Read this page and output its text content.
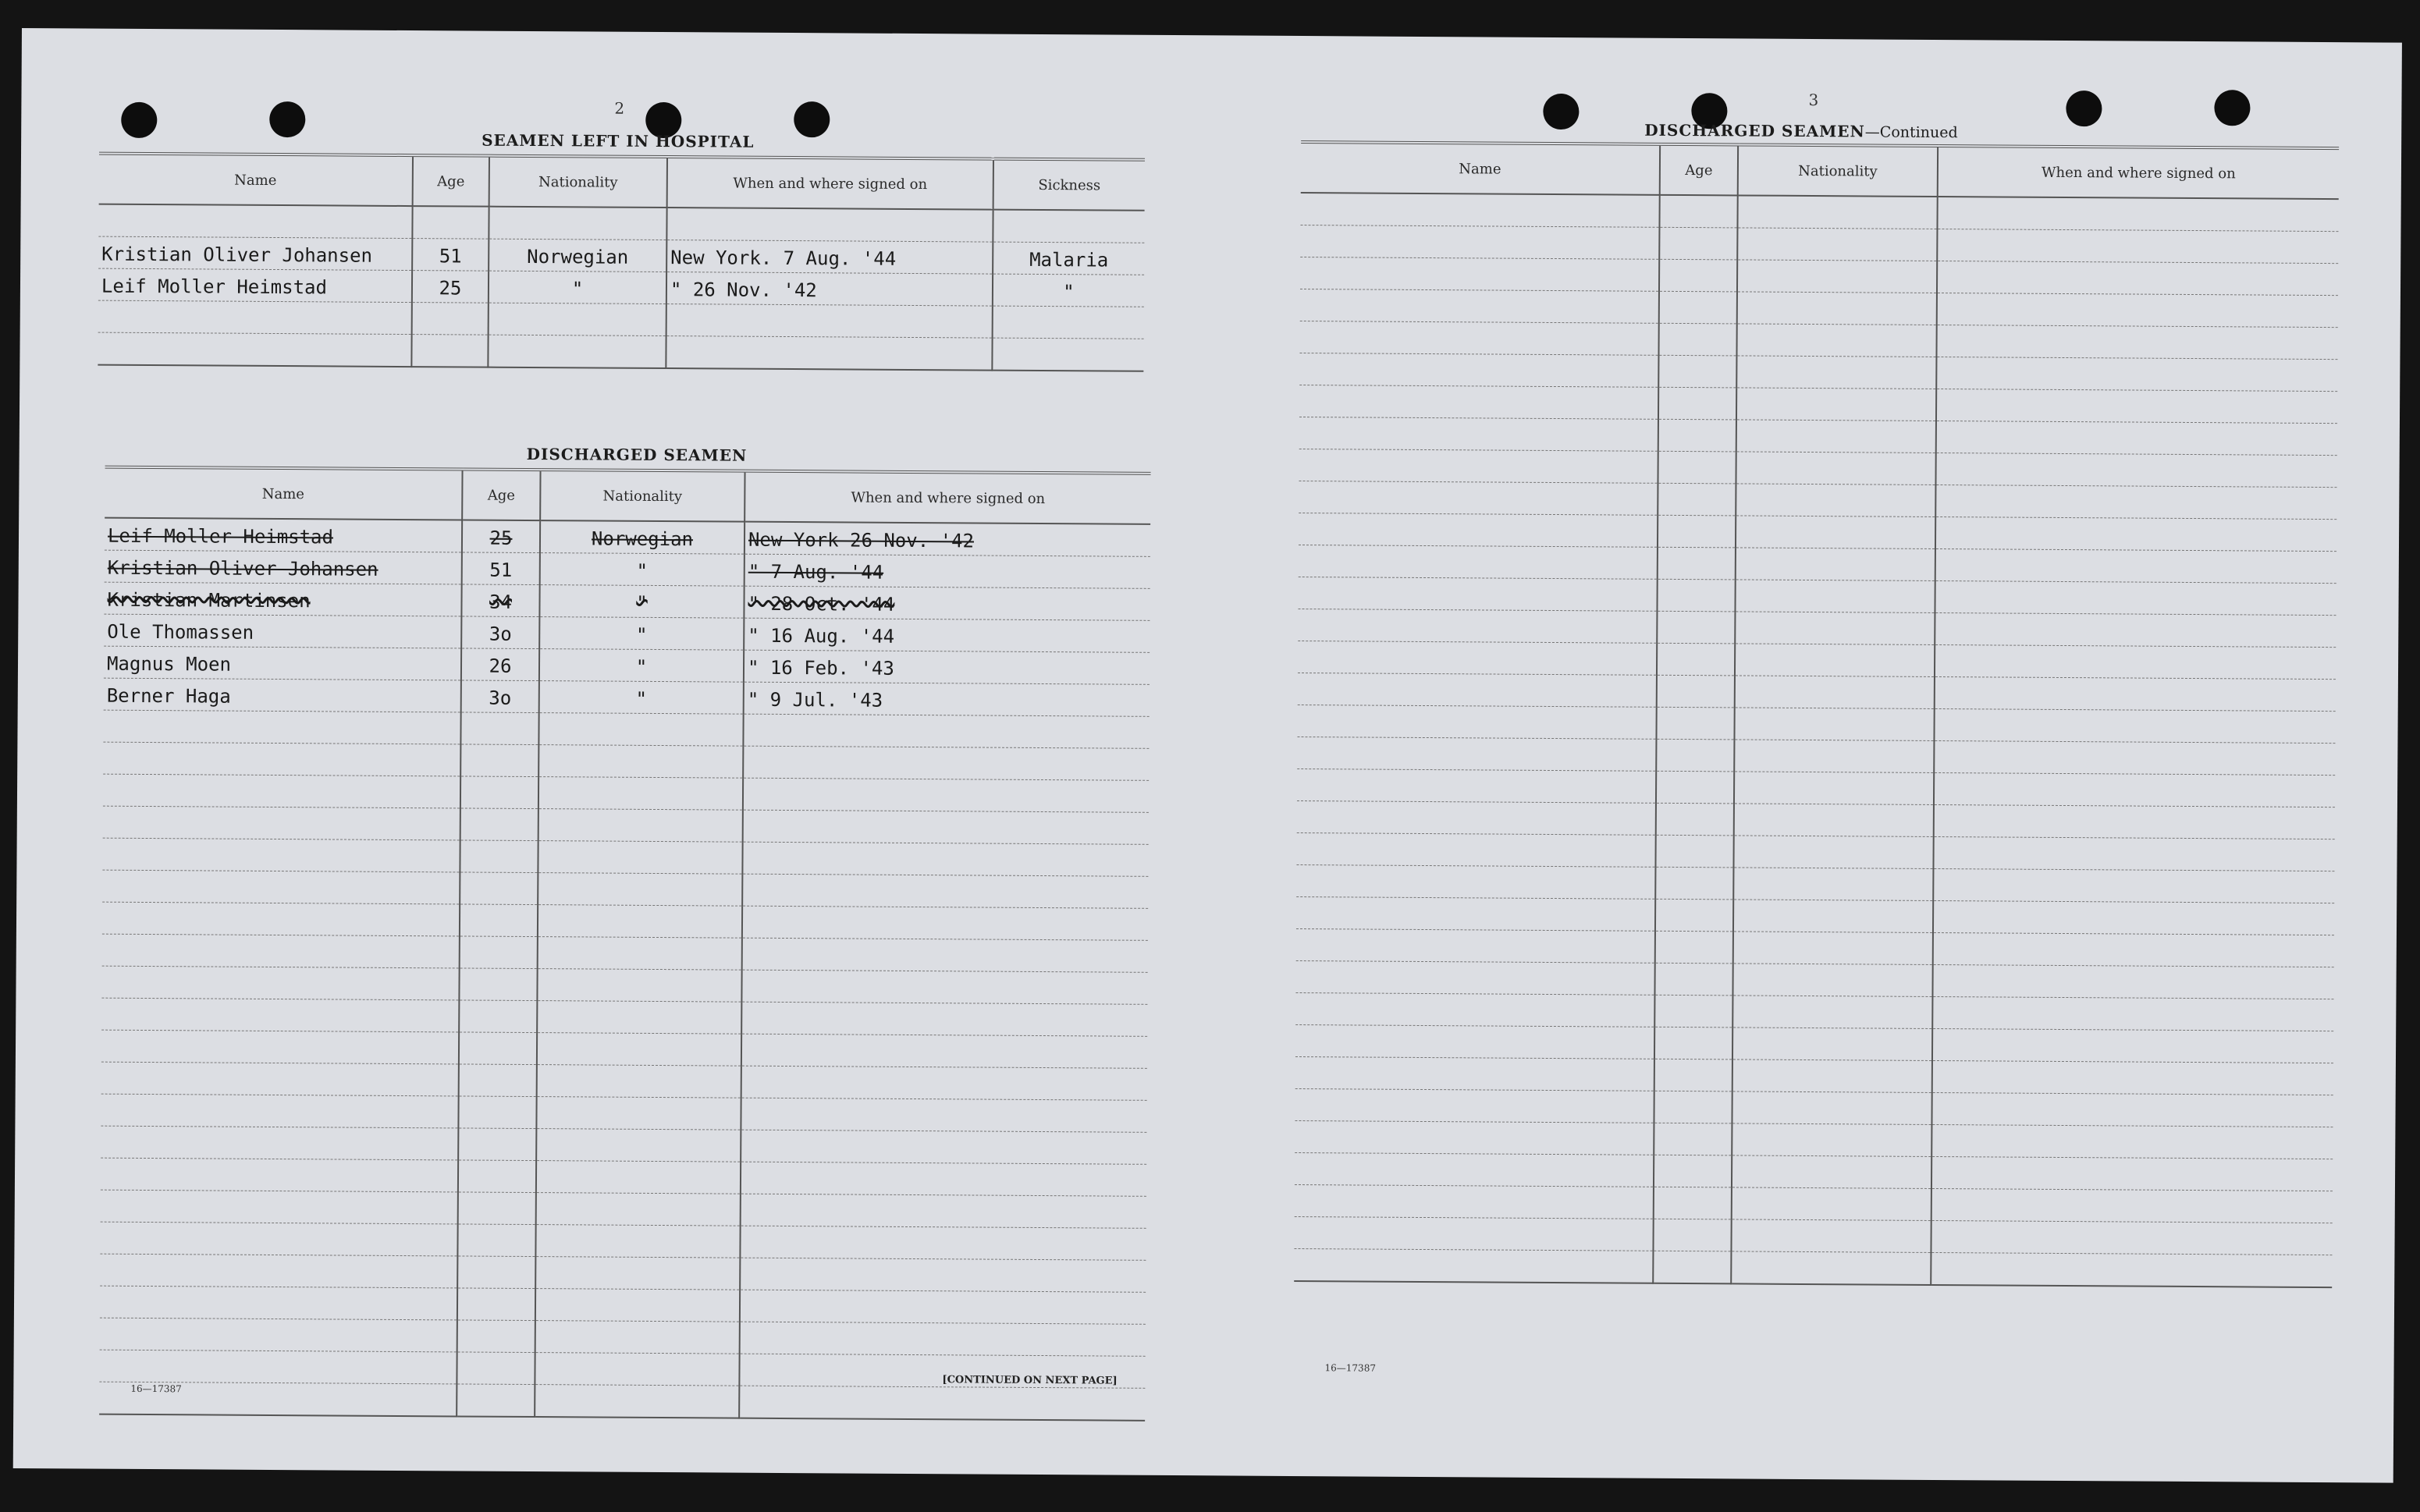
2
SEAMEN LEFT IN HOSPITAL
Name	Age	Nationality	When and where signed on	Sickness

Kristian Oliver Johansen	51	Norwegian	New York. 7 Aug. '44	Malaria
Leif Moller Heimstad	25	"	" 26 Nov. '42	"

DISCHARGED SEAMEN
Name	Age	Nationality	When and where signed on
Leif Moller Heimstad	25	Norwegian	New York 26 Nov. '42
Kristian Oliver Johansen	51	"	" 7 Aug. '44
Kristian Martinsen	34	"	" 28 Oct. '44
Ole Thomassen	3o	"	" 16 Aug. '44
Magnus Moen	26	"	" 16 Feb. '43
Berner Haga	3o	"	" 9 Jul. '43

16—17387
[CONTINUED ON NEXT PAGE]
3
DISCHARGED SEAMEN—Continued
Name	Age	Nationality	When and where signed on

16—17387
